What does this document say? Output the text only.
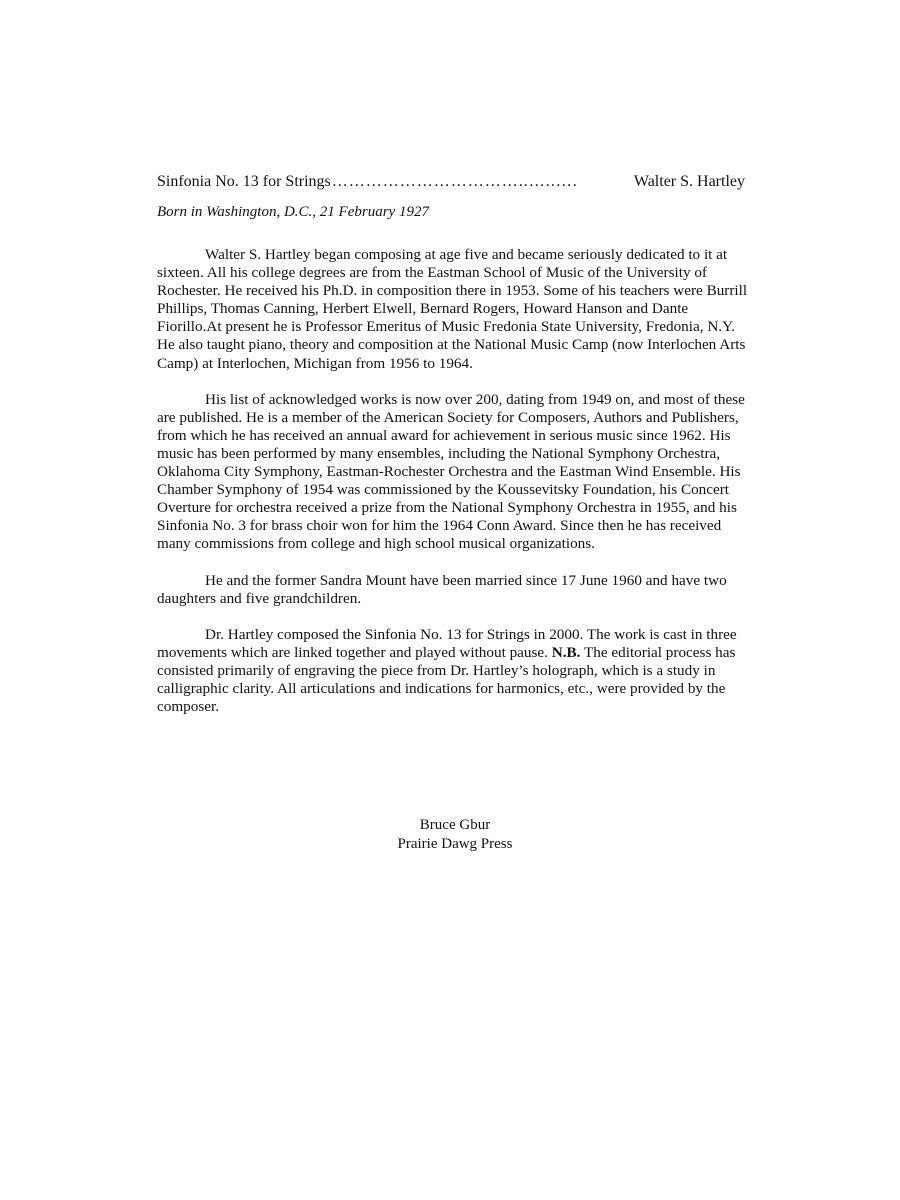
Sinfonia No. 13 for Strings ……………………………..…..….	Walter S. Hartley
Born in Washington, D.C., 21 February 1927

Walter S. Hartley began composing at age five and became seriously dedicated to it at sixteen. All his college degrees are from the Eastman School of Music of the University of Rochester. He received his Ph.D. in composition there in 1953. Some of his teachers were Burrill Phillips, Thomas Canning, Herbert Elwell, Bernard Rogers, Howard Hanson and Dante Fiorillo.At present he is Professor Emeritus of Music Fredonia State University, Fredonia, N.Y. He also taught piano, theory and composition at the National Music Camp (now Interlochen Arts Camp) at Interlochen, Michigan from 1956 to 1964.

His list of acknowledged works is now over 200, dating from 1949 on, and most of these are published. He is a member of the American Society for Composers, Authors and Publishers, from which he has received an annual award for achievement in serious music since 1962. His music has been performed by many ensembles, including the National Symphony Orchestra, Oklahoma City Symphony, Eastman-Rochester Orchestra and the Eastman Wind Ensemble. His Chamber Symphony of 1954 was commissioned by the Koussevitsky Foundation, his Concert Overture for orchestra received a prize from the National Symphony Orchestra in 1955, and his Sinfonia No. 3 for brass choir won for him the 1964 Conn Award. Since then he has received many commissions from college and high school musical organizations.

He and the former Sandra Mount have been married since 17 June 1960 and have two daughters and five grandchildren.

Dr. Hartley composed the Sinfonia No. 13 for Strings in 2000. The work is cast in three movements which are linked together and played without pause. N.B. The editorial process has consisted primarily of engraving the piece from Dr. Hartley’s holograph, which is a study in calligraphic clarity. All articulations and indications for harmonics, etc., were provided by the composer.

Bruce Gbur
Prairie Dawg Press
